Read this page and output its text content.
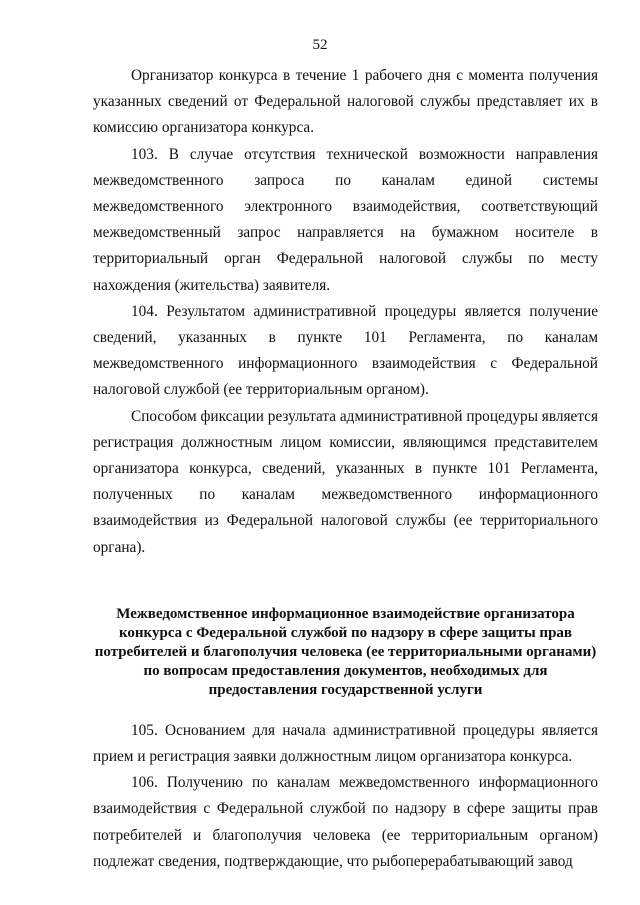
52

Организатор конкурса в течение 1 рабочего дня с момента получения указанных сведений от Федеральной налоговой службы представляет их в комиссию организатора конкурса.

103. В случае отсутствия технической возможности направления межведомственного запроса по каналам единой системы межведомственного электронного взаимодействия, соответствующий межведомственный запрос направляется на бумажном носителе в территориальный орган Федеральной налоговой службы по месту нахождения (жительства) заявителя.

104. Результатом административной процедуры является получение сведений, указанных в пункте 101 Регламента, по каналам межведомственного информационного взаимодействия с Федеральной налоговой службой (ее территориальным органом).

Способом фиксации результата административной процедуры является регистрация должностным лицом комиссии, являющимся представителем организатора конкурса, сведений, указанных в пункте 101 Регламента, полученных по каналам межведомственного информационного взаимодействия из Федеральной налоговой службы (ее территориального органа).

Межведомственное информационное взаимодействие организатора конкурса с Федеральной службой по надзору в сфере защиты прав потребителей и благополучия человека (ее территориальными органами) по вопросам предоставления документов, необходимых для предоставления государственной услуги

105. Основанием для начала административной процедуры является прием и регистрация заявки должностным лицом организатора конкурса.

106. Получению по каналам межведомственного информационного взаимодействия с Федеральной службой по надзору в сфере защиты прав потребителей и благополучия человека (ее территориальным органом) подлежат сведения, подтверждающие, что рыбоперерабатывающий завод
